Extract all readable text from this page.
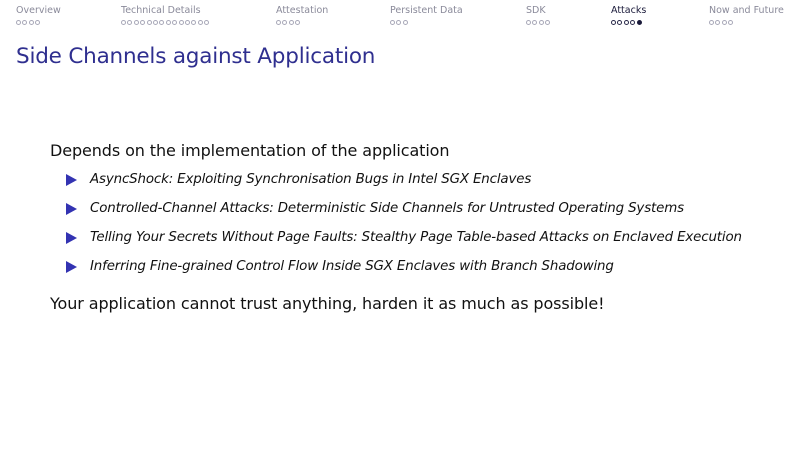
Overview	Technical Details	Attestation	Persistent Data	SDK	Attacks	Now and Future
Side Channels against Application

Depends on the implementation of the application

AsyncShock: Exploiting Synchronisation Bugs in Intel SGX Enclaves
Controlled-Channel Attacks: Deterministic Side Channels for Untrusted Operating Systems
Telling Your Secrets Without Page Faults: Stealthy Page Table-based Attacks on Enclaved Execution
Inferring Fine-grained Control Flow Inside SGX Enclaves with Branch Shadowing

Your application cannot trust anything, harden it as much as possible!
